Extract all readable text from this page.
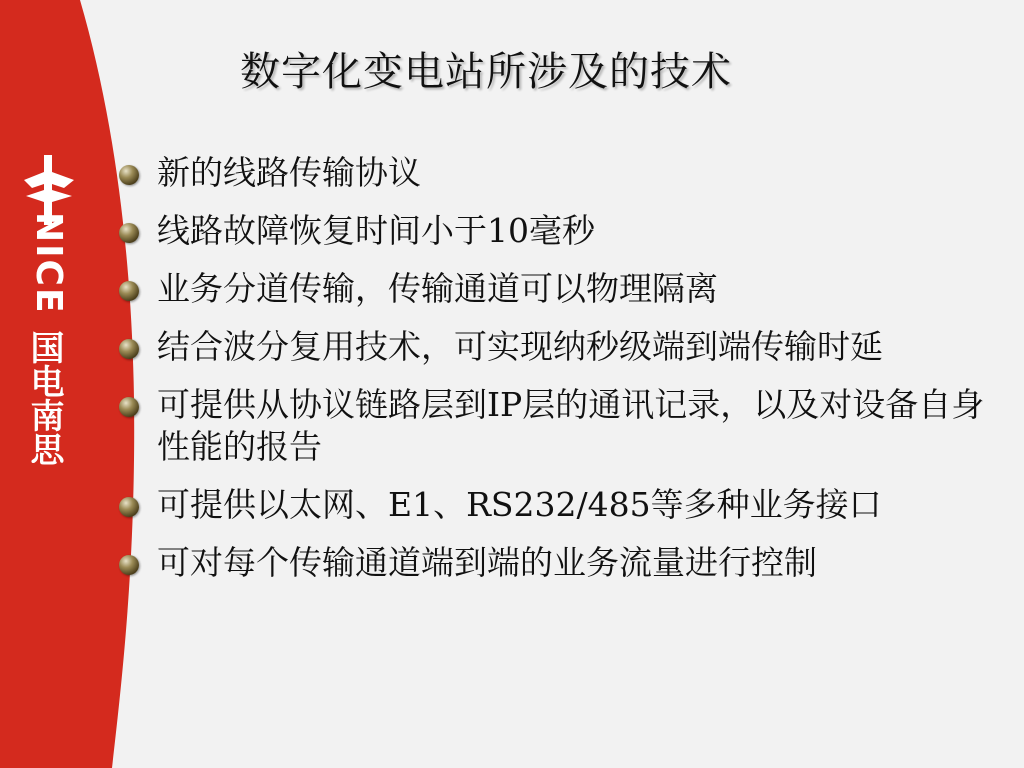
NICE
国电南思
数字化变电站所涉及的技术
新的线路传输协议
线路故障恢复时间小于10毫秒
业务分道传输，传输通道可以物理隔离
结合波分复用技术，可实现纳秒级端到端传输时延
可提供从协议链路层到IP层的通讯记录，以及对设备自身性能的报告
可提供以太网、E1、RS232/485等多种业务接口
可对每个传输通道端到端的业务流量进行控制
